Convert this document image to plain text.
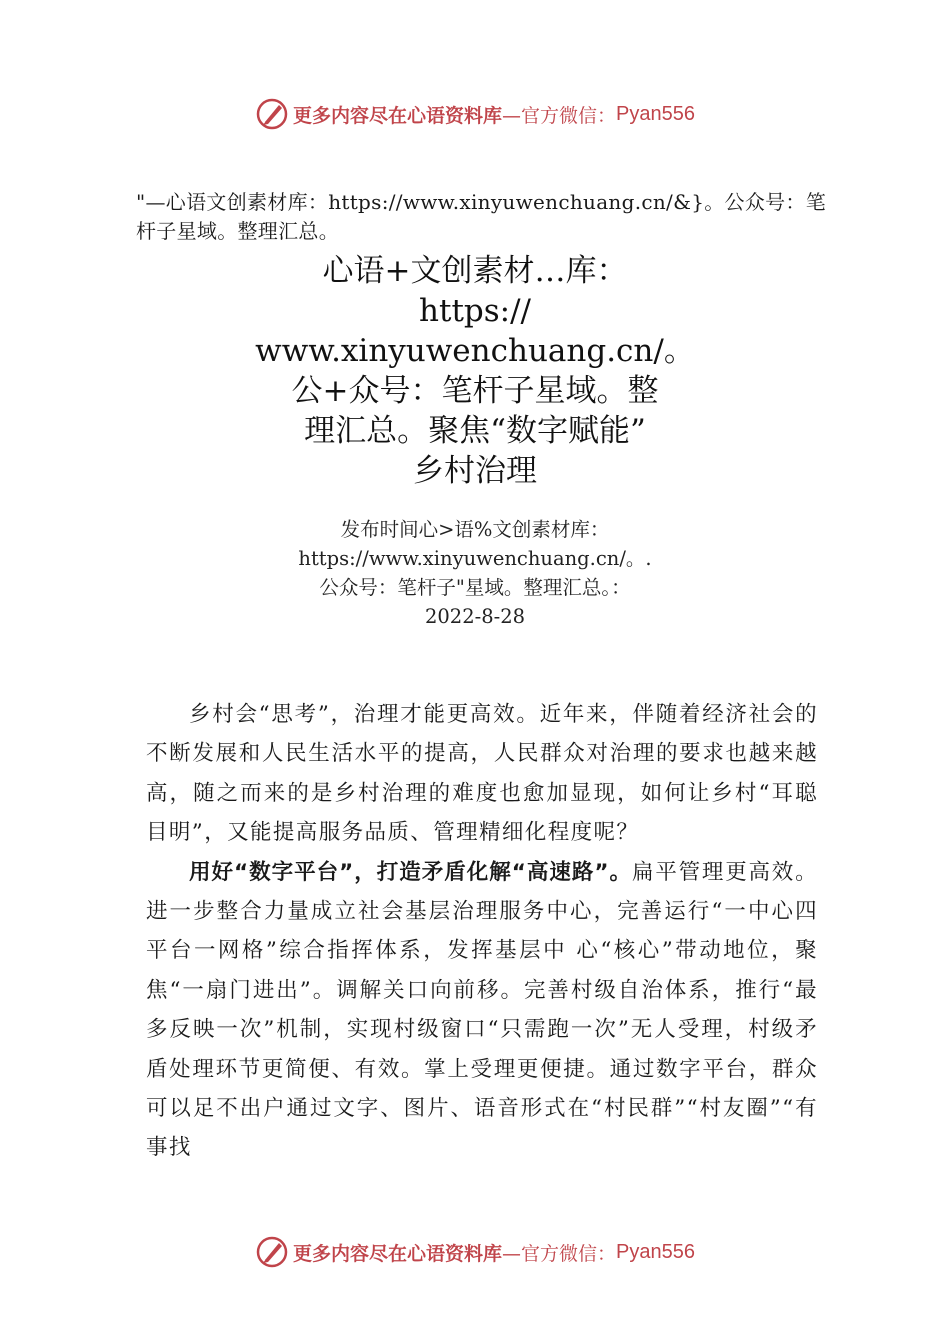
更多内容尽在心语资料库 —官方微信： Pyan556
"—心语文创素材库：https://www.xinyuwenchuang.cn/&}。公众号：笔杆子星域。整理汇总。
心语+文创素材…库：
https://
www.xinyuwenchuang.cn/。
公+众号：笔杆子星域。整
理汇总。聚焦“数字赋能”
乡村治理
发布时间心>语%文创素材库：
https://www.xinyuwenchuang.cn/。.
公众号：笔杆子"星域。整理汇总。：
2022-8-28

乡村会“思考”，治理才能更高效。近年来，伴随着经济社会的不断发展和人民生活水平的提高，人民群众对治理的要求也越来越高，随之而来的是乡村治理的难度也愈加显现，如何让乡村“耳聪目明”，又能提高服务品质、管理精细化程度呢？

用好“数字平台”，打造矛盾化解“高速路”。扁平管理更高效。进一步整合力量成立社会基层治理服务中心，完善运行“一中心四平台一网格”综合指挥体系，发挥基层中 心“核心”带动地位，聚焦“一扇门进出”。调解关口向前移。完善村级自治体系，推行“最多反映一次”机制，实现村级窗口“只需跑一次”无人受理，村级矛盾处理环节更简便、有效。掌上受理更便捷。通过数字平台，群众可以足不出户通过文字、图片、语音形式在“村民群”“村友圈”“有事找

更多内容尽在心语资料库 —官方微信： Pyan556
